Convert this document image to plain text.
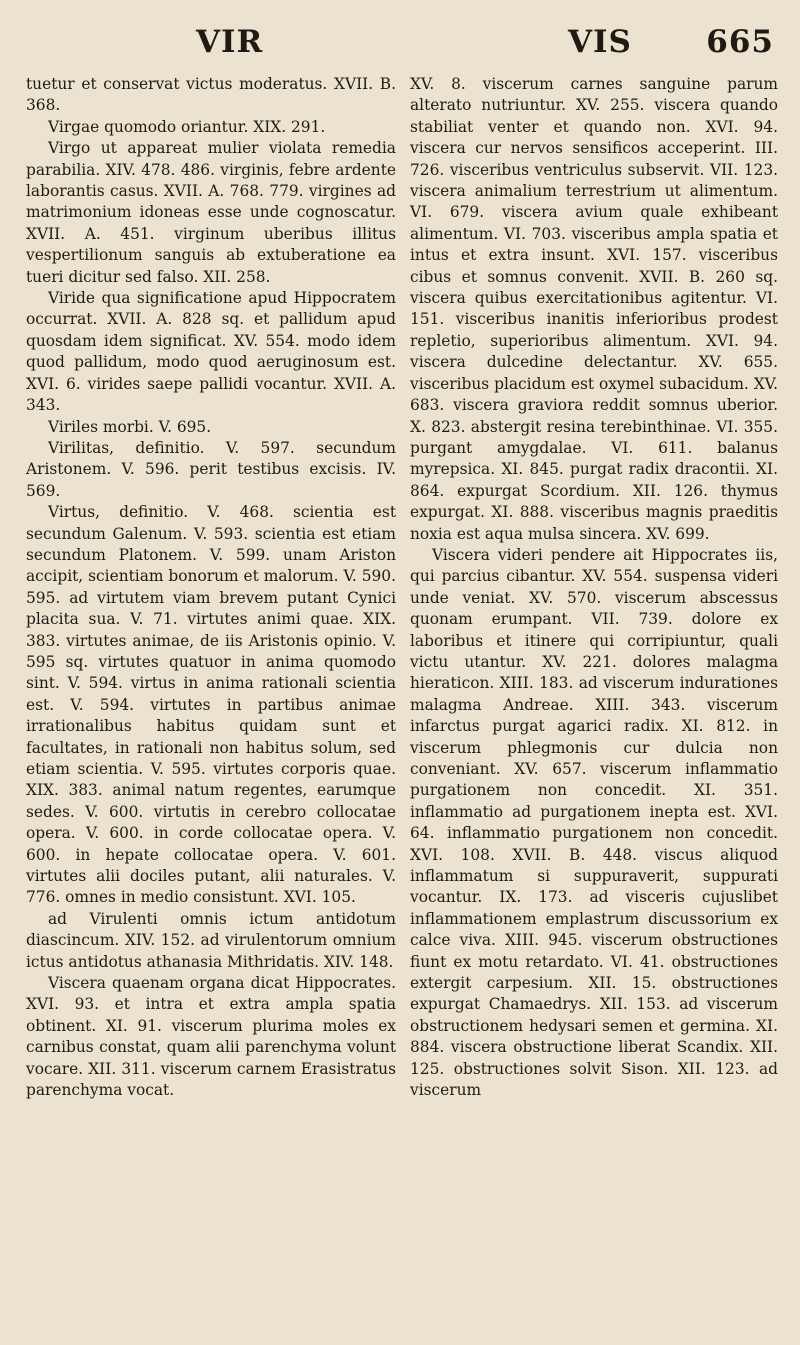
VIR	VIS 665

tuetur et conservat victus moderatus. XVII. B. 368.

Virgae quomodo oriantur. XIX. 291.

Virgo ut appareat mulier violata remedia parabilia. XIV. 478. 486. virginis, febre ardente laborantis casus. XVII. A. 768. 779. virgines ad matrimonium idoneas esse unde cognoscatur. XVII. A. 451. virginum uberibus illitus vespertilionum sanguis ab extuberatione ea tueri dicitur sed falso. XII. 258.

Viride qua significatione apud Hippocratem occurrat. XVII. A. 828 sq. et pallidum apud quosdam idem significat. XV. 554. modo idem quod pallidum, modo quod aeruginosum est. XVI. 6. virides saepe pallidi vocantur. XVII. A. 343.

Viriles morbi. V. 695.

Virilitas, definitio. V. 597. secundum Aristonem. V. 596. perit testibus excisis. IV. 569.

Virtus, definitio. V. 468. scientia est secundum Galenum. V. 593. scientia est etiam secundum Platonem. V. 599. unam Ariston accipit, scientiam bonorum et malorum. V. 590. 595. ad virtutem viam brevem putant Cynici placita sua. V. 71. virtutes animi quae. XIX. 383. virtutes animae, de iis Aristonis opinio. V. 595 sq. virtutes quatuor in anima quomodo sint. V. 594. virtus in anima rationali scientia est. V. 594. virtutes in partibus animae irrationalibus habitus quidam sunt et facultates, in rationali non habitus solum, sed etiam scientia. V. 595. virtutes corporis quae. XIX. 383. animal natum regentes, earumque sedes. V. 600. virtutis in cerebro collocatae opera. V. 600. in corde collocatae opera. V. 600. in hepate collocatae opera. V. 601. virtutes alii dociles putant, alii naturales. V. 776. omnes in medio consistunt. XVI. 105.

ad Virulenti omnis ictum antidotum diascincum. XIV. 152. ad virulentorum omnium ictus antidotus athanasia Mithridatis. XIV. 148.

Viscera quaenam organa dicat Hippocrates. XVI. 93. et intra et extra ampla spatia obtinent. XI. 91. viscerum plurima moles ex carnibus constat, quam alii parenchyma volunt vocare. XII. 311. viscerum carnem Erasistratus parenchyma vocat.

XV. 8. viscerum carnes sanguine parum alterato nutriuntur. XV. 255. viscera quando stabiliat venter et quando non. XVI. 94. viscera cur nervos sensificos acceperint. III. 726. visceribus ventriculus subservit. VII. 123. viscera animalium terrestrium ut alimentum. VI. 679. viscera avium quale exhibeant alimentum. VI. 703. visceribus ampla spatia et intus et extra insunt. XVI. 157. visceribus cibus et somnus convenit. XVII. B. 260 sq. viscera quibus exercitationibus agitentur. VI. 151. visceribus inanitis inferioribus prodest repletio, superioribus alimentum. XVI. 94. viscera dulcedine delectantur. XV. 655. visceribus placidum est oxymel subacidum. XV. 683. viscera graviora reddit somnus uberior. X. 823. abstergit resina terebinthinae. VI. 355. purgant amygdalae. VI. 611. balanus myrepsica. XI. 845. purgat radix dracontii. XI. 864. expurgat Scordium. XII. 126. thymus expurgat. XI. 888. visceribus magnis praeditis noxia est aqua mulsa sincera. XV. 699.

Viscera videri pendere ait Hippocrates iis, qui parcius cibantur. XV. 554. suspensa videri unde veniat. XV. 570. viscerum abscessus quonam erumpant. VII. 739. dolore ex laboribus et itinere qui corripiuntur, quali victu utantur. XV. 221. dolores malagma hieraticon. XIII. 183. ad viscerum indurationes malagma Andreae. XIII. 343. viscerum infarctus purgat agarici radix. XI. 812. in viscerum phlegmonis cur dulcia non conveniant. XV. 657. viscerum inflammatio purgationem non concedit. XI. 351. inflammatio ad purgationem inepta est. XVI. 64. inflammatio purgationem non concedit. XVI. 108. XVII. B. 448. viscus aliquod inflammatum si suppuraverit, suppurati vocantur. IX. 173. ad visceris cujuslibet inflammationem emplastrum discussorium ex calce viva. XIII. 945. viscerum obstructiones fiunt ex motu retardato. VI. 41. obstructiones extergit carpesium. XII. 15. obstructiones expurgat Chamaedrys. XII. 153. ad viscerum obstructionem hedysari semen et germina. XI. 884. viscera obstructione liberat Scandix. XII. 125. obstructiones solvit Sison. XII. 123. ad viscerum
